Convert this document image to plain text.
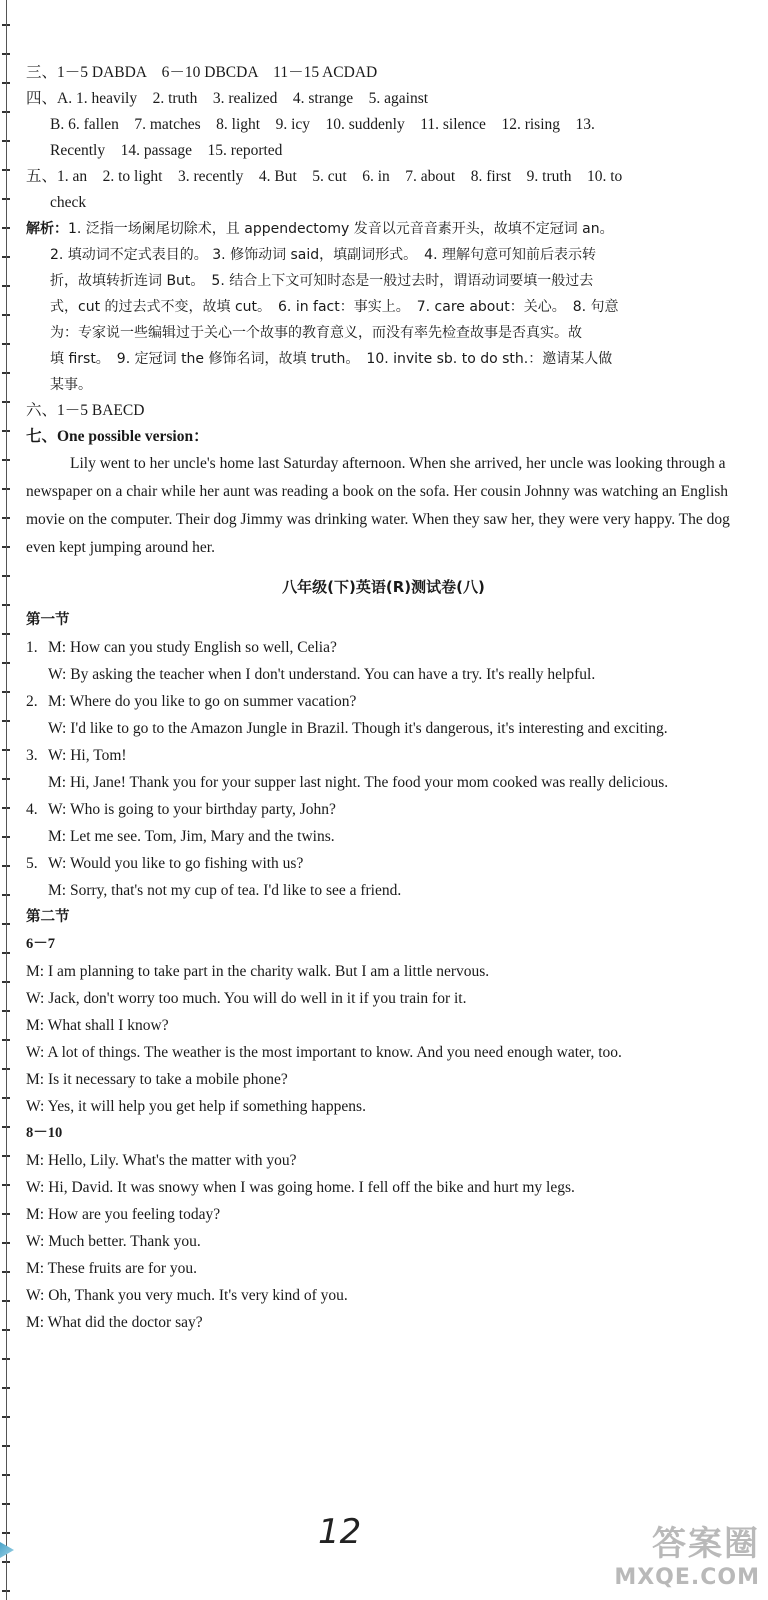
三、1－5 DABDA　6－10 DBCDA　11－15 ACDAD
四、A. 1. heavily　2. truth　3. realized　4. strange　5. against
B. 6. fallen　7. matches　8. light　9. icy　10. suddenly　11. silence　12. rising　13.
Recently　14. passage　15. reported
五、1. an　2. to light　3. recently　4. But　5. cut　6. in　7. about　8. first　9. truth　10. to
check
解析：1. 泛指一场阑尾切除术，且 appendectomy 发音以元音音素开头，故填不定冠词 an。
2. 填动词不定式表目的。 3. 修饰动词 said，填副词形式。　4. 理解句意可知前后表示转
折，故填转折连词 But。　5. 结合上下文可知时态是一般过去时，谓语动词要填一般过去
式，cut 的过去式不变，故填 cut。　6. in fact：事实上。　7. care about：关心。　8. 句意
为：专家说一些编辑过于关心一个故事的教育意义，而没有率先检查故事是否真实。故
填 first。　9. 定冠词 the 修饰名词，故填 truth。　10. invite sb. to do sth.：邀请某人做
某事。
六、1－5 BAECD
七、One possible version：
Lily went to her uncle's home last Saturday afternoon. When she arrived, her uncle was looking through a newspaper on a chair while her aunt was reading a book on the sofa. Her cousin Johnny was watching an English movie on the computer. Their dog Jimmy was drinking water. When they saw her, they were very happy. The dog even kept jumping around her.
八年级(下)英语(R)测试卷(八)
第一节
1. M: How can you study English so well, Celia?
W: By asking the teacher when I don't understand. You can have a try. It's really helpful.
2. M: Where do you like to go on summer vacation?
W: I'd like to go to the Amazon Jungle in Brazil. Though it's dangerous, it's interesting and exciting.
3. W: Hi, Tom!
M: Hi, Jane! Thank you for your supper last night. The food your mom cooked was really delicious.
4. W: Who is going to your birthday party, John?
M: Let me see. Tom, Jim, Mary and the twins.
5. W: Would you like to go fishing with us?
M: Sorry, that's not my cup of tea. I'd like to see a friend.
第二节
6－7
M: I am planning to take part in the charity walk. But I am a little nervous.
W: Jack, don't worry too much. You will do well in it if you train for it.
M: What shall I know?
W: A lot of things. The weather is the most important to know. And you need enough water, too.
M: Is it necessary to take a mobile phone?
W: Yes, it will help you get help if something happens.
8－10
M: Hello, Lily. What's the matter with you?
W: Hi, David. It was snowy when I was going home. I fell off the bike and hurt my legs.
M: How are you feeling today?
W: Much better. Thank you.
M: These fruits are for you.
W: Oh, Thank you very much. It's very kind of you.
M: What did the doctor say?
12	答案圈
MXQE.COM
